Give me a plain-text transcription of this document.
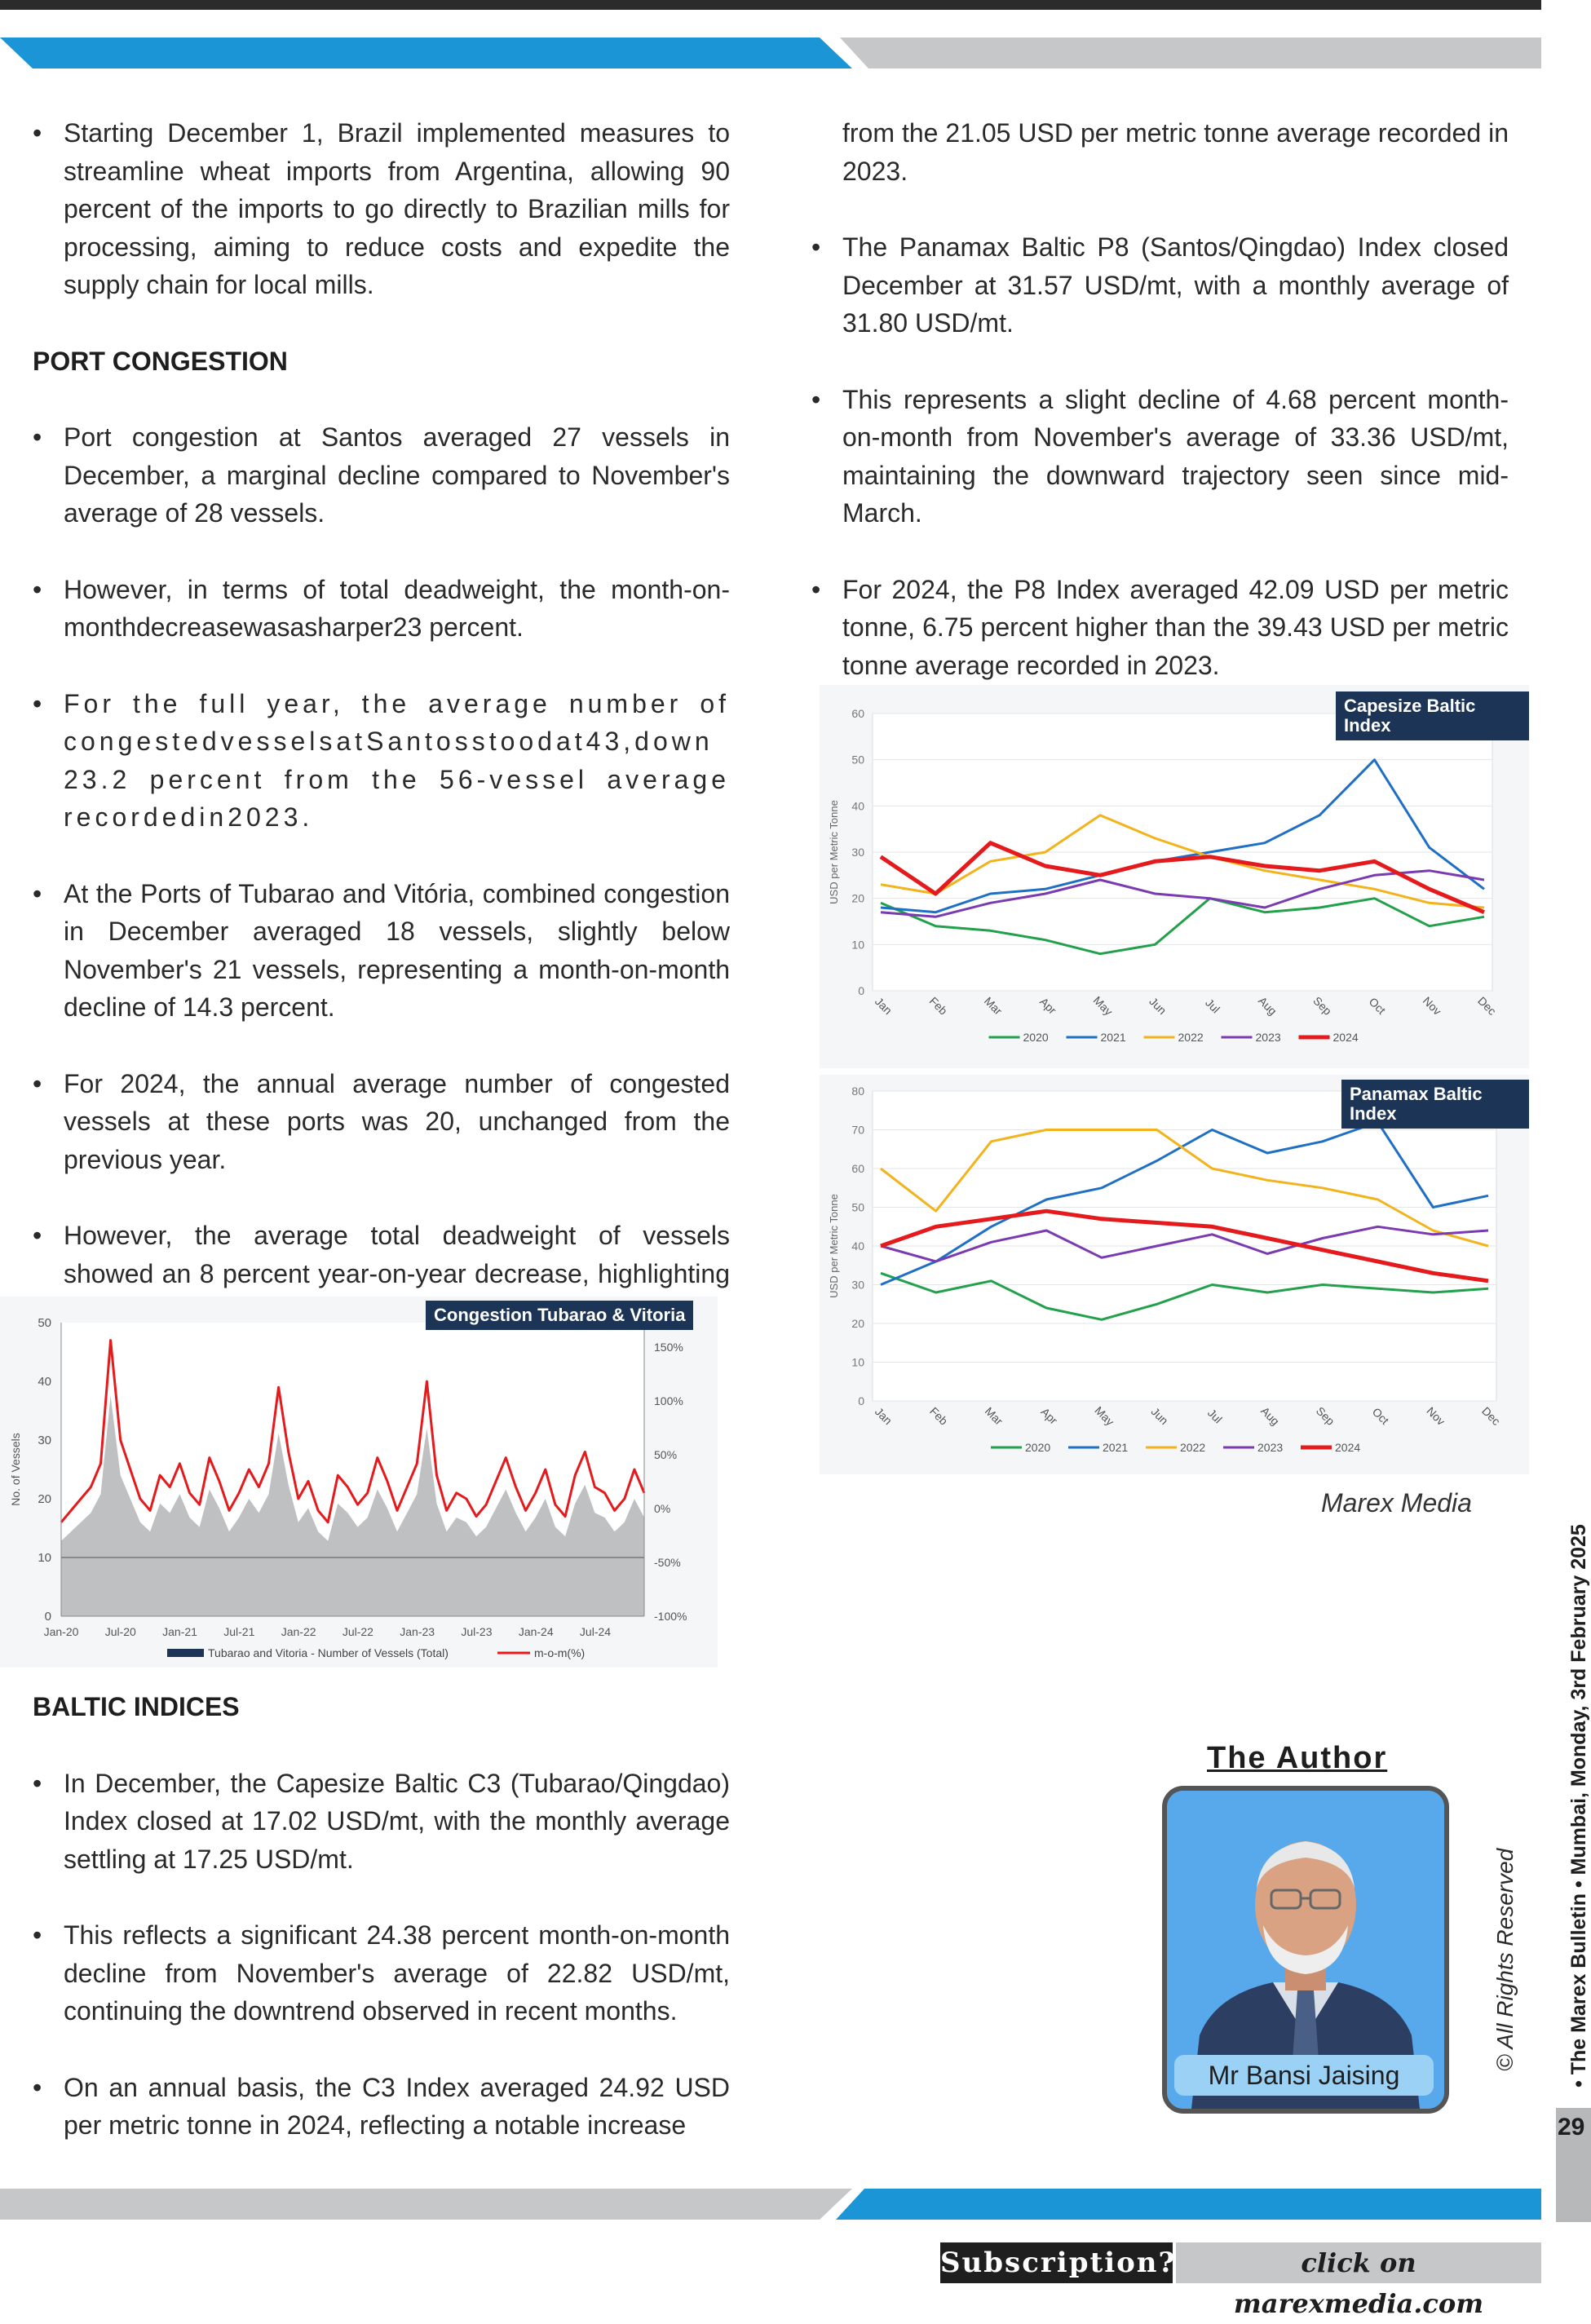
• Starting December 1, Brazil implemented measures to streamline wheat imports from Argentina, allowing 90 percent of the imports to go directly to Brazilian mills for processing, aiming to reduce costs and expedite the supply chain for local mills.

PORT CONGESTION

• Port congestion at Santos averaged 27 vessels in December, a marginal decline compared to November's average of 28 vessels.

• However, in terms of total deadweight, the month-on-monthdecreasewasasharper23 percent.

• For the full year, the average number of congestedvesselsatSantosstoodat43,down 23.2 percent from the 56-vessel average recordedin2023.

• At the Ports of Tubarao and Vitória, combined congestion in December averaged 18 vessels, slightly below November's 21 vessels, representing a month-on-month decline of 14.3 percent.

• For 2024, the annual average number of congested vessels at these ports was 20, unchanged from the previous year.

• However, the average total deadweight of vessels showed an 8 percent year-on-year decrease, highlighting

0
10
20
30
40
50
-100%
-50%
0%
50%
100%
150%
Jan-20 Jul-20 Jan-21 Jul-21 Jan-22 Jul-22 Jan-23 Jul-23 Jan-24 Jul-24
No. of Vessels
Tubarao and Vitoria - Number of Vessels (Total)	m-o-m(%)
Congestion Tubarao & Vitoria

BALTIC INDICES

• In December, the Capesize Baltic C3 (Tubarao/Qingdao) Index closed at 17.02 USD/mt, with the monthly average settling at 17.25 USD/mt.

• This reflects a significant 24.38 percent month-on-month decline from November's average of 22.82 USD/mt, continuing the downtrend observed in recent months.

• On an annual basis, the C3 Index averaged 24.92 USD per metric tonne in 2024, reflecting a notable increase

from the 21.05 USD per metric tonne average recorded in 2023.

• The Panamax Baltic P8 (Santos/Qingdao) Index closed December at 31.57 USD/mt, with a monthly average of 31.80 USD/mt.

• This represents a slight decline of 4.68 percent month-on-month from November's average of 33.36 USD/mt, maintaining the downward trajectory seen since mid-March.

• For 2024, the P8 Index averaged 42.09 USD per metric tonne, 6.75 percent higher than the 39.43 USD per metric tonne average recorded in 2023.

0
10
20
30
40
50
60
Jan	Feb	Mar	Apr	May	Jun	Jul	Aug	Sep	Oct	Nov	Dec
USD per Metric Tonne
2020	2021	2022	2023	2024
Capesize Baltic Index
0
10
20
30
40
50
60
70
80
Jan	Feb	Mar	Apr	May	Jun	Jul	Aug	Sep	Oct	Nov	Dec
USD per Metric Tonne
2020	2021	2022	2023	2024
Panamax Baltic Index
Marex Media
The Author
Mr Bansi Jaising
© All Rights Reserved • The Marex Bulletin • Mumbai, Monday, 3rd February 2025
29
Subscription?	click on marexmedia.com
